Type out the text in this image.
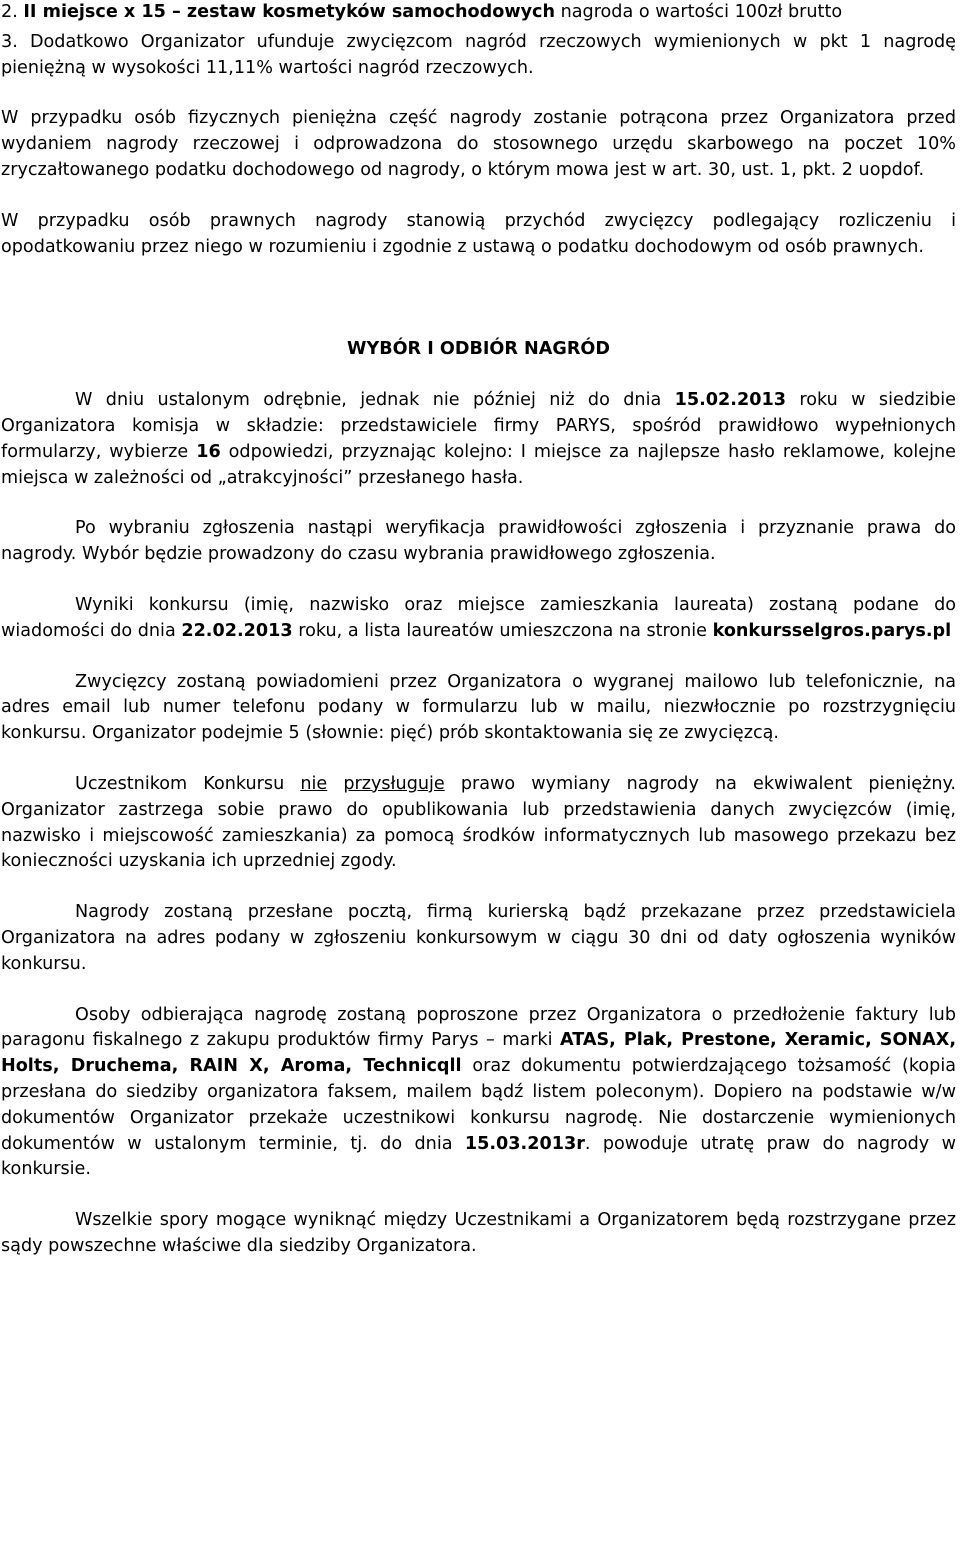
2. II miejsce x 15 – zestaw kosmetyków samochodowych nagroda o wartości 100zł brutto

3. Dodatkowo Organizator ufunduje zwycięzcom nagród rzeczowych wymienionych w pkt 1 nagrodę pieniężną w wysokości 11,11% wartości nagród rzeczowych.

W przypadku osób fizycznych pieniężna część nagrody zostanie potrącona przez Organizatora przed wydaniem nagrody rzeczowej i odprowadzona do stosownego urzędu skarbowego na poczet 10% zryczałtowanego podatku dochodowego od nagrody, o którym mowa jest w art. 30, ust. 1, pkt. 2 uopdof.

W przypadku osób prawnych nagrody stanowią przychód zwycięzcy podlegający rozliczeniu i opodatkowaniu przez niego w rozumieniu i zgodnie z ustawą o podatku dochodowym od osób prawnych.

WYBÓR I ODBIÓR NAGRÓD

W dniu ustalonym odrębnie, jednak nie później niż do dnia 15.02.2013 roku w siedzibie Organizatora komisja w składzie: przedstawiciele firmy PARYS, spośród prawidłowo wypełnionych formularzy, wybierze 16 odpowiedzi, przyznając kolejno: I miejsce za najlepsze hasło reklamowe, kolejne miejsca w zależności od „atrakcyjności” przesłanego hasła.

Po wybraniu zgłoszenia nastąpi weryfikacja prawidłowości zgłoszenia i przyznanie prawa do nagrody. Wybór będzie prowadzony do czasu wybrania prawidłowego zgłoszenia.

Wyniki konkursu (imię, nazwisko oraz miejsce zamieszkania laureata) zostaną podane do wiadomości do dnia 22.02.2013 roku, a lista laureatów umieszczona na stronie konkursselgros.parys.pl

Zwycięzcy zostaną powiadomieni przez Organizatora o wygranej mailowo lub telefonicznie, na adres email lub numer telefonu podany w formularzu lub w mailu, niezwłocznie po rozstrzygnięciu konkursu. Organizator podejmie 5 (słownie: pięć) prób skontaktowania się ze zwycięzcą.

Uczestnikom Konkursu nie przysługuje prawo wymiany nagrody na ekwiwalent pieniężny. Organizator zastrzega sobie prawo do opublikowania lub przedstawienia danych zwycięzców (imię, nazwisko i miejscowość zamieszkania) za pomocą środków informatycznych lub masowego przekazu bez konieczności uzyskania ich uprzedniej zgody.

Nagrody zostaną przesłane pocztą, firmą kurierską bądź przekazane przez przedstawiciela Organizatora na adres podany w zgłoszeniu konkursowym w ciągu 30 dni od daty ogłoszenia wyników konkursu.

Osoby odbierająca nagrodę zostaną poproszone przez Organizatora o przedłożenie faktury lub paragonu fiskalnego z zakupu produktów firmy Parys – marki ATAS, Plak, Prestone, Xeramic, SONAX, Holts, Druchema, RAIN X, Aroma, Technicqll oraz dokumentu potwierdzającego tożsamość (kopia przesłana do siedziby organizatora faksem, mailem bądź listem poleconym). Dopiero na podstawie w/w dokumentów Organizator przekaże uczestnikowi konkursu nagrodę. Nie dostarczenie wymienionych dokumentów w ustalonym terminie, tj. do dnia 15.03.2013r. powoduje utratę praw do nagrody w konkursie.

Wszelkie spory mogące wyniknąć między Uczestnikami a Organizatorem będą rozstrzygane przez sądy powszechne właściwe dla siedziby Organizatora.
